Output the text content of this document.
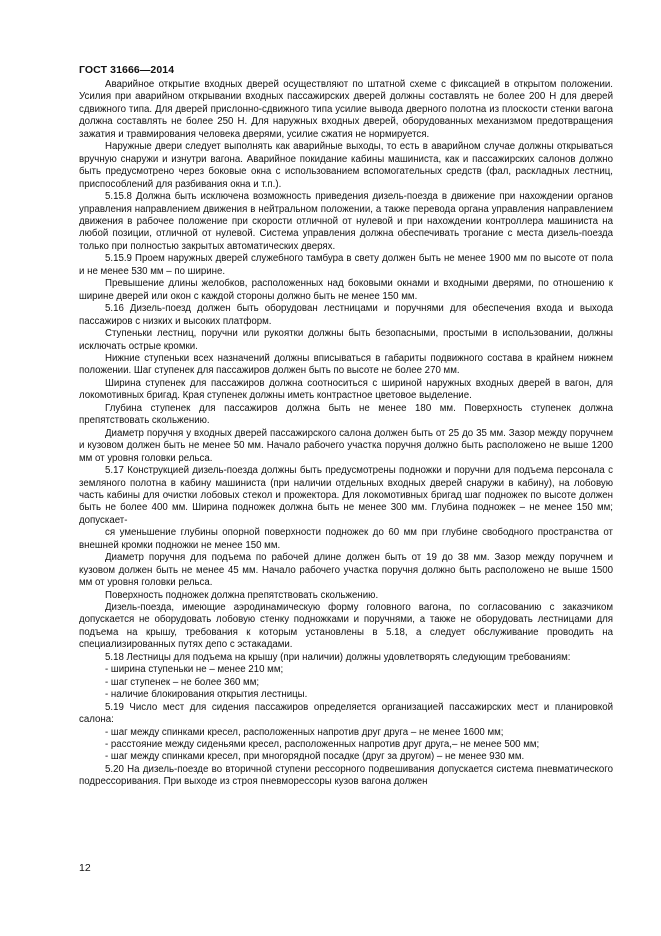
ГОСТ 31666—2014

Аварийное открытие входных дверей осуществляют по штатной схеме с фиксацией в открытом положении. Усилия при аварийном открывании входных пассажирских дверей должны составлять не более 200 Н для дверей сдвижного типа. Для дверей прислонно-сдвижного типа усилие вывода дверного полотна из плоскости стенки вагона должна составлять не более 250 Н. Для наружных входных дверей, оборудованных механизмом предотвращения зажатия и травмирования человека дверями, усилие сжатия не нормируется.

Наружные двери следует выполнять как аварийные выходы, то есть в аварийном случае должны открываться вручную снаружи и изнутри вагона. Аварийное покидание кабины машиниста, как и пассажирских салонов должно быть предусмотрено через боковые окна с использованием вспомогательных средств (фал, раскладных лестниц, приспособлений для разбивания окна и т.п.).

5.15.8 Должна быть исключена возможность приведения дизель-поезда в движение при нахождении органов управления направлением движения в нейтральном положении, а также перевода органа управления направлением движения в рабочее положение при скорости отличной от нулевой и при нахождении контроллера машиниста на любой позиции, отличной от нулевой. Система управления должна обеспечивать трогание с места дизель-поезда только при полностью закрытых автоматических дверях.

5.15.9 Проем наружных дверей служебного тамбура в свету должен быть не менее 1900 мм по высоте от пола и не менее 530 мм – по ширине.

Превышение длины желобков, расположенных над боковыми окнами и входными дверями, по отношению к ширине дверей или окон с каждой стороны должно быть не менее 150 мм.

5.16 Дизель-поезд должен быть оборудован лестницами и поручнями для обеспечения входа и выхода пассажиров с низких и высоких платформ.

Ступеньки лестниц, поручни или рукоятки должны быть безопасными, простыми в использовании, должны исключать острые кромки.

Нижние ступеньки всех назначений должны вписываться в габариты подвижного состава в крайнем нижнем положении. Шаг ступенек для пассажиров должен быть по высоте не более 270 мм.

Ширина ступенек для пассажиров должна соотноситься с шириной наружных входных дверей в вагон, для локомотивных бригад. Края ступенек должны иметь контрастное цветовое выделение.

Глубина ступенек для пассажиров должна быть не менее 180 мм. Поверхность ступенек должна препятствовать скольжению.

Диаметр поручня у входных дверей пассажирского салона должен быть от 25 до 35 мм. Зазор между поручнем и кузовом должен быть не менее 50 мм. Начало рабочего участка поручня должно быть расположено не выше 1200 мм от уровня головки рельса.

5.17 Конструкцией дизель-поезда должны быть предусмотрены подножки и поручни для подъема персонала с земляного полотна в кабину машиниста (при наличии отдельных входных дверей снаружи в кабину), на лобовую часть кабины для очистки лобовых стекол и прожектора. Для локомотивных бригад шаг подножек по высоте должен быть не более 400 мм. Ширина подножек должна быть не менее 300 мм. Глубина подножек – не менее 150 мм; допускает-

ся уменьшение глубины опорной поверхности подножек до 60 мм при глубине свободного пространства от внешней кромки подножки не менее 150 мм.

Диаметр поручня для подъема по рабочей длине должен быть от 19 до 38 мм. Зазор между поручнем и кузовом должен быть не менее 45 мм. Начало рабочего участка поручня должно быть расположено не выше 1500 мм от уровня головки рельса.

Поверхность подножек должна препятствовать скольжению.

Дизель-поезда, имеющие аэродинамическую форму головного вагона, по согласованию с заказчиком допускается не оборудовать лобовую стенку подножками и поручнями, а также не оборудовать лестницами для подъема на крышу, требования к которым установлены в 5.18, а следует обслуживание проводить на специализированных путях депо с эстакадами.

5.18 Лестницы для подъема на крышу (при наличии) должны удовлетворять следующим требованиям:

- ширина ступеньки не – менее 210 мм;

- шаг ступенек – не более 360 мм;

- наличие блокирования открытия лестницы.

5.19 Число мест для сидения пассажиров определяется организацией пассажирских мест и планировкой салона:

- шаг между спинками кресел, расположенных напротив друг друга – не менее 1600 мм;

- расстояние между сиденьями кресел, расположенных напротив друг друга,– не менее 500 мм;

- шаг между спинками кресел, при многорядной посадке (друг за другом) – не менее 930 мм.

5.20 На дизель-поезде во вторичной ступени рессорного подвешивания допускается система пневматического подрессоривания. При выходе из строя пневморессоры кузов вагона должен

12
